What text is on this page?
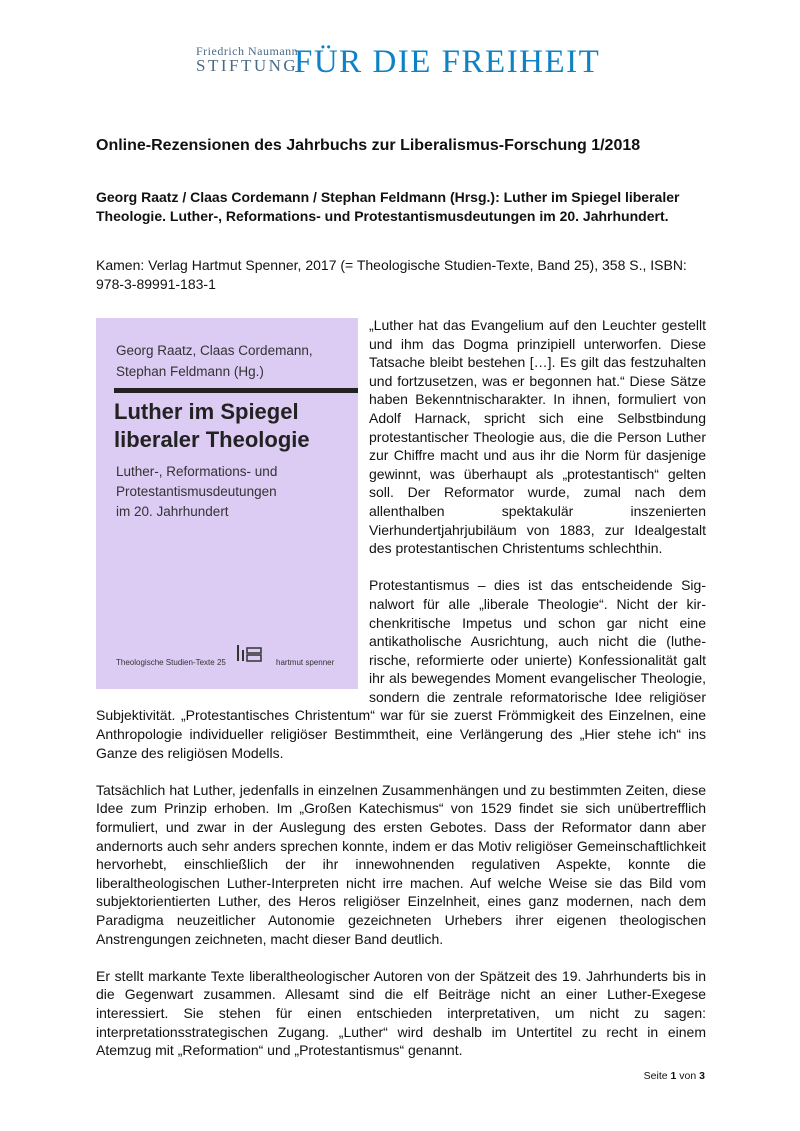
Friedrich Naumann
STIFTUNG
FÜR DIE FREIHEIT
Online-Rezensionen des Jahrbuchs zur Liberalismus-Forschung 1/2018

Georg Raatz / Claas Cordemann / Stephan Feldmann (Hrsg.): Luther im Spiegel liberaler Theologie. Luther-, Reformations- und Protestantismusdeutungen im 20. Jahrhundert.

Kamen: Verlag Hartmut Spenner, 2017 (= Theologische Studien-Texte, Band 25), 358 S., ISBN: 978-3-89991-183-1

Georg Raatz, Claas Cordemann,
Stephan Feldmann (Hg.)
Luther im Spiegel
liberaler Theologie
Luther-, Reformations- und
Protestantismusdeutungen
im 20. Jahrhundert
Theologische Studien-Texte 25	hartmut spenner

„Luther hat das Evangelium auf den Leuchter gestellt und ihm das Dogma prinzipiell unterworfen. Diese Tatsache bleibt bestehen […]. Es gilt das festzuhalten und fortzusetzen, was er begonnen hat.“ Diese Sätze haben Bekenntnischarakter. In ihnen, formuliert von Adolf Harnack, spricht sich eine Selbstbindung protestantischer Theologie aus, die die Person Luther zur Chiffre macht und aus ihr die Norm für dasjenige gewinnt, was überhaupt als „protestantisch“ gelten soll. Der Reformator wurde, zumal nach dem allenthalben spektakulär inszenierten Vierhundertjahrjubiläum von 1883, zur Idealgestalt des protestantischen Christentums schlechthin.

Protestantismus – dies ist das entscheidende Signalwort für alle „liberale Theologie“. Nicht der kirchenkritische Impetus und schon gar nicht eine antikatholische Ausrichtung, auch nicht die (lutherische, reformierte oder unierte) Konfessionalität galt ihr als bewegendes Moment evangelischer Theologie, sondern die zentrale reformatorische Idee religiöser Subjektivität. „Protestantisches Christentum“ war für sie zuerst Frömmigkeit des Einzelnen, eine Anthropologie individueller religiöser Bestimmtheit, eine Verlängerung des „Hier stehe ich“ ins Ganze des religiösen Modells.

Tatsächlich hat Luther, jedenfalls in einzelnen Zusammenhängen und zu bestimmten Zeiten, diese Idee zum Prinzip erhoben. Im „Großen Katechismus“ von 1529 findet sie sich unübertrefflich formuliert, und zwar in der Auslegung des ersten Gebotes. Dass der Reformator dann aber andernorts auch sehr anders sprechen konnte, indem er das Motiv religiöser Gemeinschaftlichkeit hervorhebt, einschließlich der ihr innewohnenden regulativen Aspekte, konnte die liberaltheologischen Luther-Interpreten nicht irre machen. Auf welche Weise sie das Bild vom subjektorientierten Luther, des Heros religiöser Einzelnheit, eines ganz modernen, nach dem Paradigma neuzeitlicher Autonomie gezeichneten Urhebers ihrer eigenen theologischen Anstrengungen zeichneten, macht dieser Band deutlich.

Er stellt markante Texte liberaltheologischer Autoren von der Spätzeit des 19. Jahrhunderts bis in die Gegenwart zusammen. Allesamt sind die elf Beiträge nicht an einer Luther-Exegese interessiert. Sie stehen für einen entschieden interpretativen, um nicht zu sagen: interpretationsstrategischen Zugang. „Luther“ wird deshalb im Untertitel zu recht in einem Atemzug mit „Reformation“ und „Protestantismus“ genannt.

Seite 1 von 3
